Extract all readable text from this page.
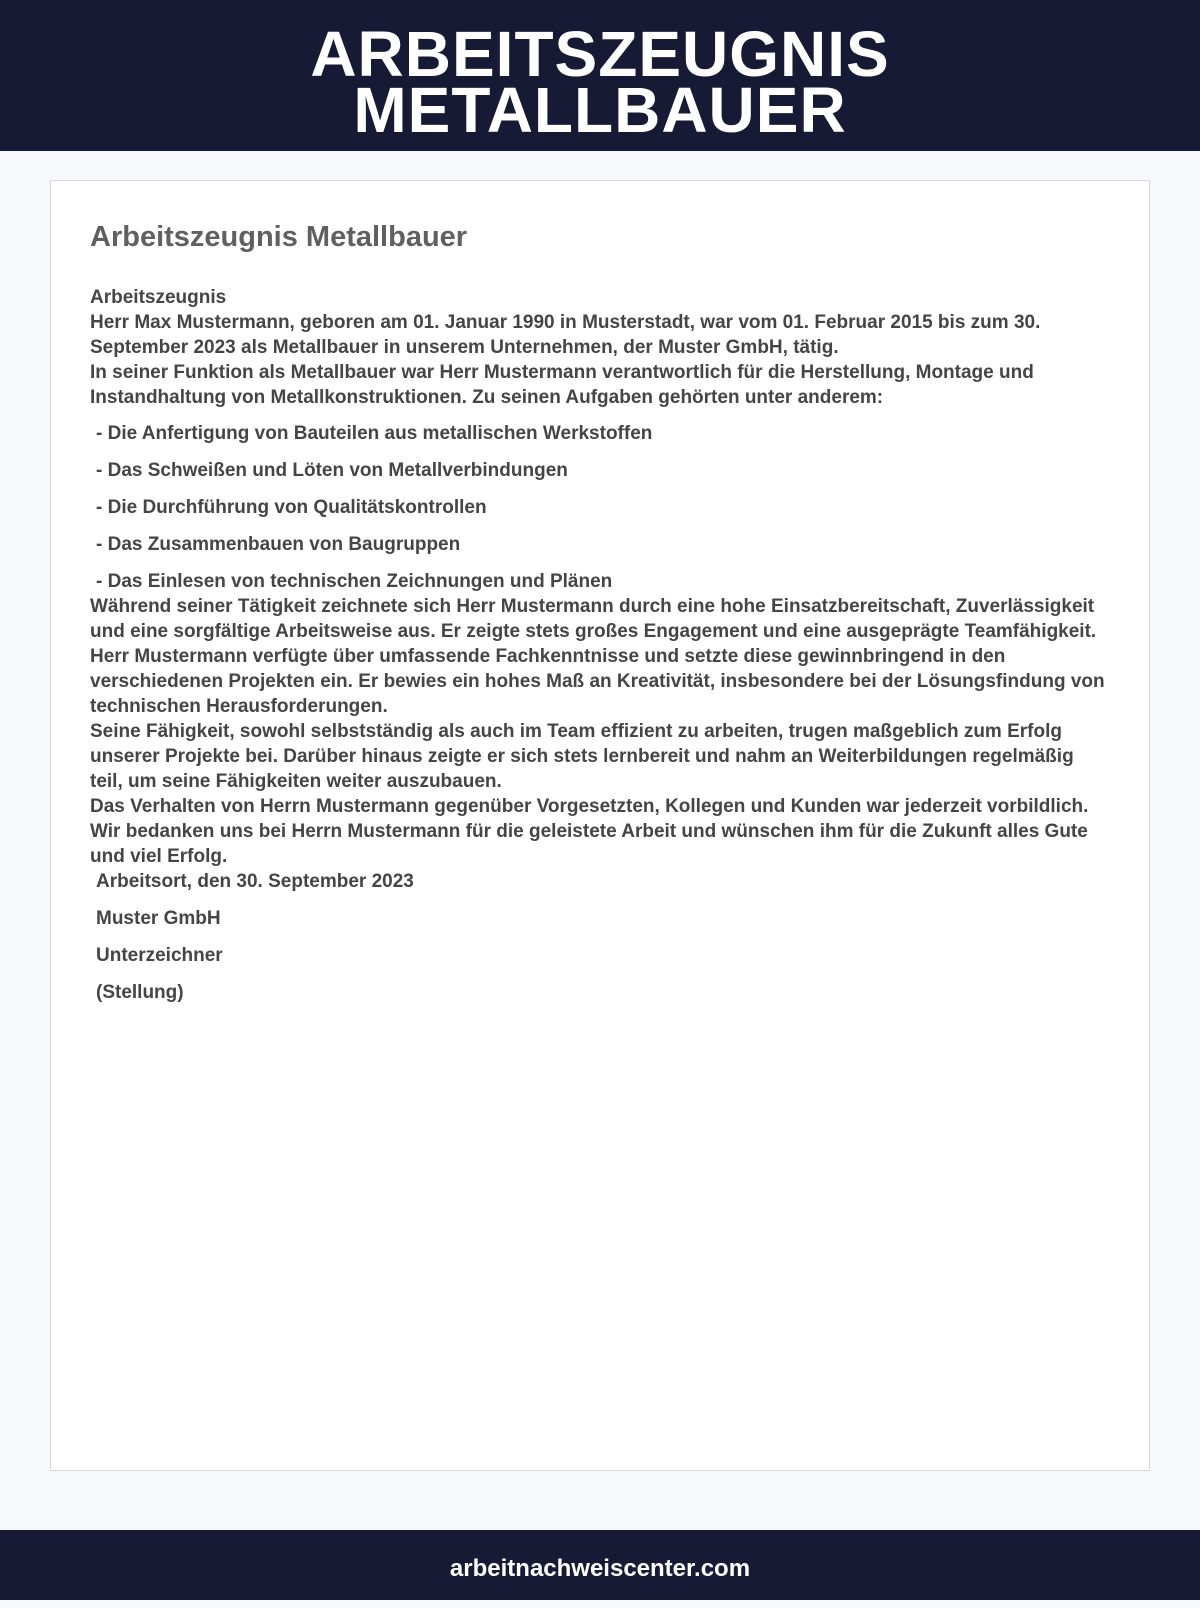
ARBEITSZEUGNIS
METALLBAUER
Arbeitszeugnis Metallbauer

Arbeitszeugnis

Herr Max Mustermann, geboren am 01. Januar 1990 in Musterstadt, war vom 01. Februar 2015 bis zum 30. September 2023 als Metallbauer in unserem Unternehmen, der Muster GmbH, tätig.

In seiner Funktion als Metallbauer war Herr Mustermann verantwortlich für die Herstellung, Montage und Instandhaltung von Metallkonstruktionen. Zu seinen Aufgaben gehörten unter anderem:

- Die Anfertigung von Bauteilen aus metallischen Werkstoffen
- Das Schweißen und Löten von Metallverbindungen
- Die Durchführung von Qualitätskontrollen
- Das Zusammenbauen von Baugruppen
- Das Einlesen von technischen Zeichnungen und Plänen

Während seiner Tätigkeit zeichnete sich Herr Mustermann durch eine hohe Einsatzbereitschaft, Zuverlässigkeit und eine sorgfältige Arbeitsweise aus. Er zeigte stets großes Engagement und eine ausgeprägte Teamfähigkeit.

Herr Mustermann verfügte über umfassende Fachkenntnisse und setzte diese gewinnbringend in den verschiedenen Projekten ein. Er bewies ein hohes Maß an Kreativität, insbesondere bei der Lösungsfindung von technischen Herausforderungen.

Seine Fähigkeit, sowohl selbstständig als auch im Team effizient zu arbeiten, trugen maßgeblich zum Erfolg unserer Projekte bei. Darüber hinaus zeigte er sich stets lernbereit und nahm an Weiterbildungen regelmäßig teil, um seine Fähigkeiten weiter auszubauen.

Das Verhalten von Herrn Mustermann gegenüber Vorgesetzten, Kollegen und Kunden war jederzeit vorbildlich.

Wir bedanken uns bei Herrn Mustermann für die geleistete Arbeit und wünschen ihm für die Zukunft alles Gute und viel Erfolg.

Arbeitsort, den 30. September 2023
Muster GmbH
Unterzeichner
(Stellung)
arbeitnachweiscenter.com
